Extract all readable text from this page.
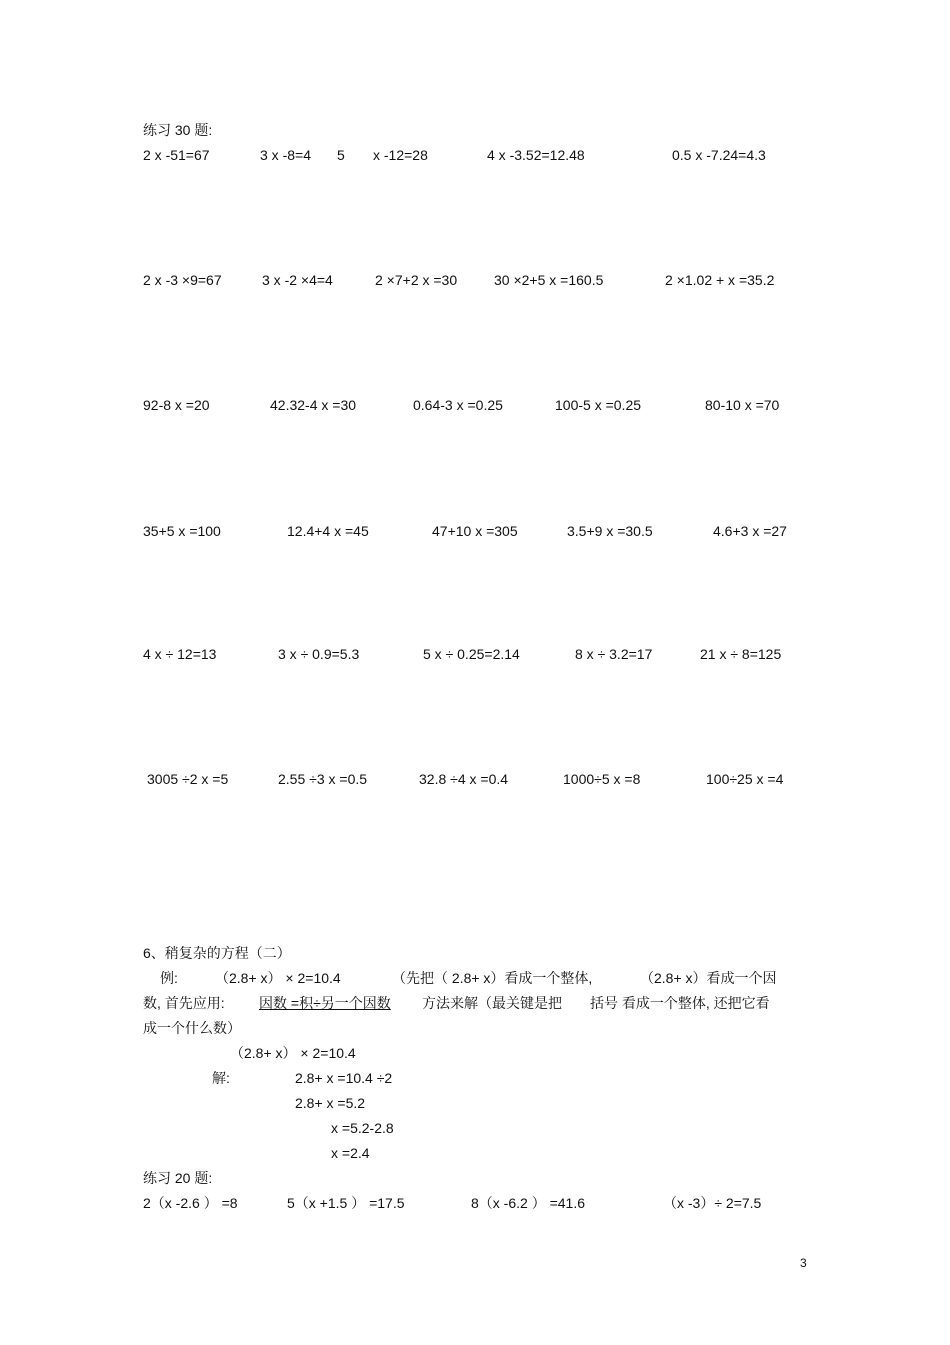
练习 30 题:
2 x -51=67	3 x -8=4 5 x -12=28	4 x -3.52=12.48	0.5 x -7.24=4.3
2 x -3 ×9=67	3 x -2 ×4=4	2 ×7+2 x =30	30 ×2+5 x =160.5	2 ×1.02 + x =35.2
92-8 x =20	42.32-4 x =30	0.64-3 x =0.25	100-5 x =0.25	80-10 x =70
35+5 x =100	12.4+4 x =45	47+10 x =305	3.5+9 x =30.5	4.6+3 x =27
4 x ÷ 12=13	3 x ÷ 0.9=5.3	5 x ÷ 0.25=2.14	8 x ÷ 3.2=17	21 x ÷ 8=125
3005 ÷2 x =5	2.55 ÷3 x =0.5	32.8 ÷4 x =0.4	1000÷5 x =8	100÷25 x =4
6、稍复杂的方程（二）
例:	（2.8+ x） × 2=10.4	（先把（ 2.8+ x）看成一个整体,	（2.8+ x）看成一个因
数, 首先应用: 因数 =积÷另一个因数 方法来解（最关键是把 括号 看成一个整体, 还把它看
成一个什么数）
（2.8+ x） × 2=10.4
解:	2.8+ x =10.4 ÷2
2.8+ x =5.2
x =5.2-2.8
x =2.4
练习 20 题:
2（x -2.6 ） =8	5（x +1.5 ） =17.5	8（x -6.2 ） =41.6	（x -3）÷ 2=7.5
3
